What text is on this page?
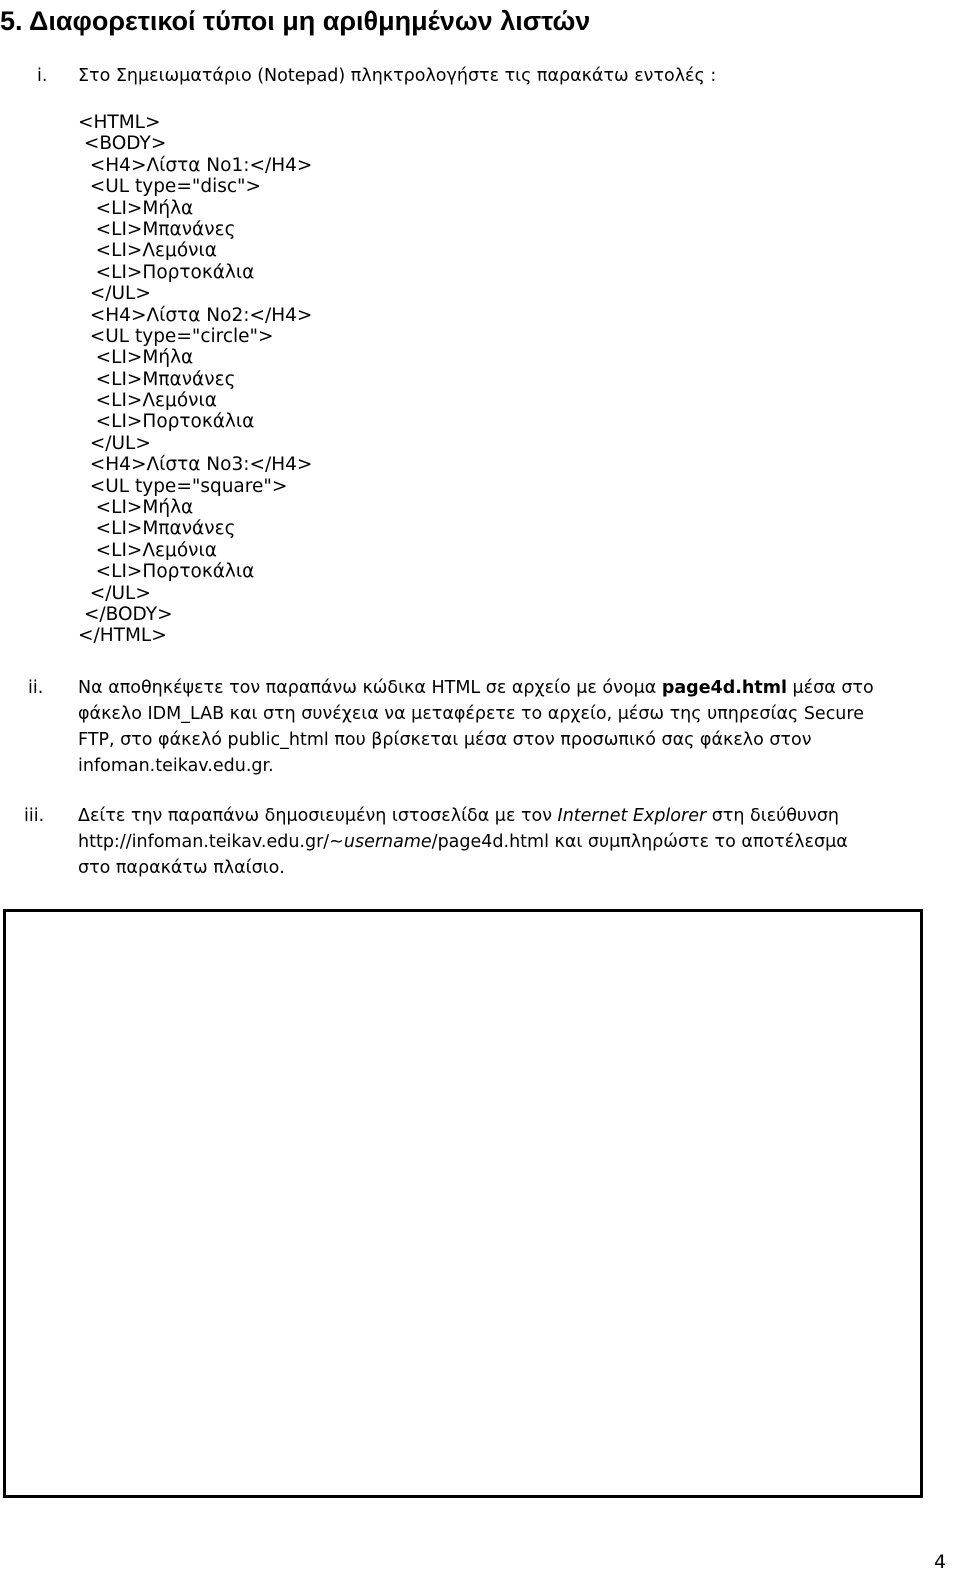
5. Διαφορετικοί τύποι μη αριθμημένων λιστών
i. Στο Σημειωματάριο (Notepad) πληκτρολογήστε τις παρακάτω εντολές :
<HTML>
<BODY>
<H4>Λίστα No1:</H4>
<UL type="disc">
<LI>Μήλα
<LI>Μπανάνες
<LI>Λεμόνια
<LI>Πορτοκάλια
</UL>
<H4>Λίστα No2:</H4>
<UL type="circle">
<LI>Μήλα
<LI>Μπανάνες
<LI>Λεμόνια
<LI>Πορτοκάλια
</UL>
<H4>Λίστα No3:</H4>
<UL type="square">
<LI>Μήλα
<LI>Μπανάνες
<LI>Λεμόνια
<LI>Πορτοκάλια
</UL>
</BODY>
</HTML>
ii. Να αποθηκέψετε τον παραπάνω κώδικα HTML σε αρχείο με όνομα page4d.html μέσα στο
φάκελο IDM_LAB και στη συνέχεια να μεταφέρετε το αρχείο, μέσω της υπηρεσίας Secure
FTP, στο φάκελό public_html που βρίσκεται μέσα στον προσωπικό σας φάκελο στον
infoman.teikav.edu.gr.
iii. Δείτε την παραπάνω δημοσιευμένη ιστοσελίδα με τον Internet Explorer στη διεύθυνση
http://infoman.teikav.edu.gr/~username/page4d.html και συμπληρώστε το αποτέλεσμα
στο παρακάτω πλαίσιο.
4
